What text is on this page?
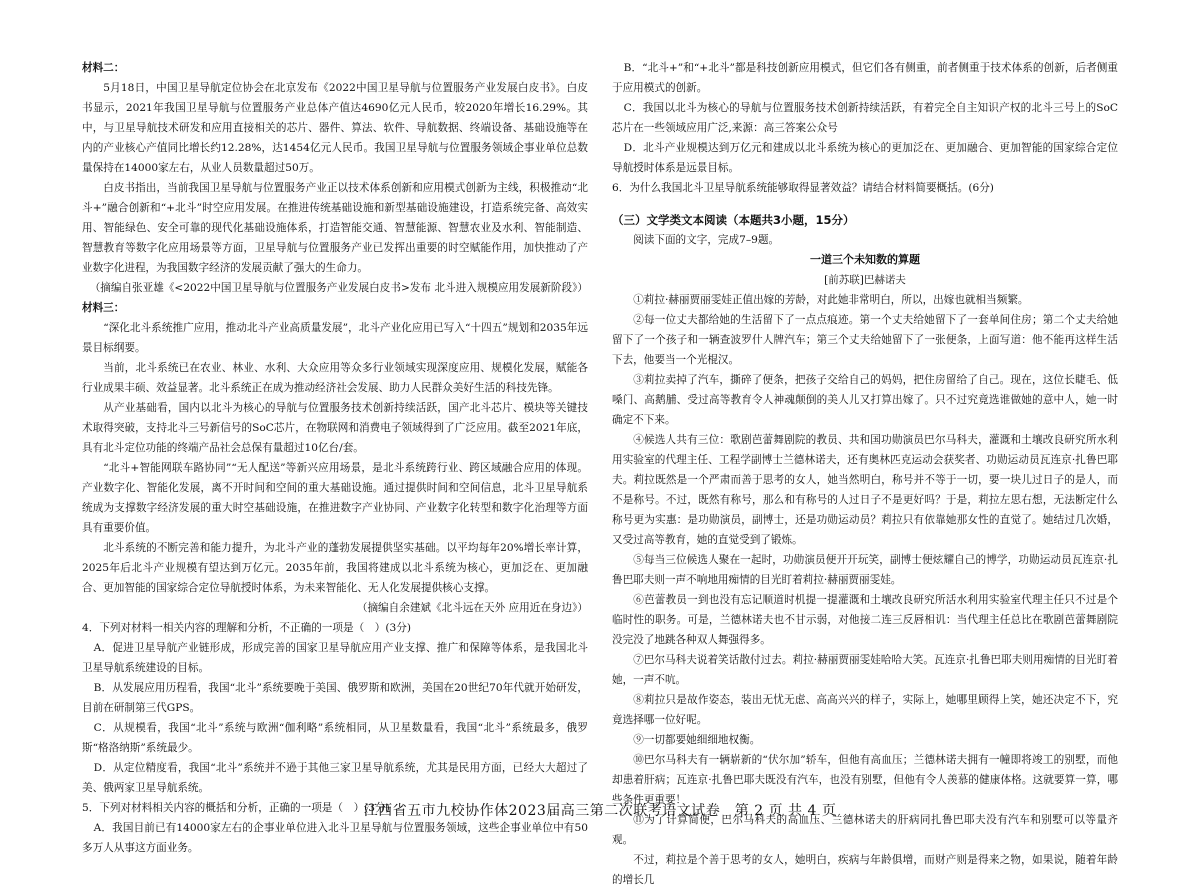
材料二：

5月18日，中国卫星导航定位协会在北京发布《2022中国卫星导航与位置服务产业发展白皮书》。白皮书显示，2021年我国卫星导航与位置服务产业总体产值达4690亿元人民币，较2020年增长16.29%。其中，与卫星导航技术研发和应用直接相关的芯片、器件、算法、软件、导航数据、终端设备、基础设施等在内的产业核心产值同比增长约12.28%，达1454亿元人民币。我国卫星导航与位置服务领域企事业单位总数量保持在14000家左右，从业人员数量超过50万。

白皮书指出，当前我国卫星导航与位置服务产业正以技术体系创新和应用模式创新为主线，积极推动“北斗+”融合创新和“+北斗”时空应用发展。在推进传统基础设施和新型基础设施建设，打造系统完备、高效实用、智能绿色、安全可靠的现代化基础设施体系，打造智能交通、智慧能源、智慧农业及水利、智能制造、智慧教育等数字化应用场景等方面，卫星导航与位置服务产业已发挥出重要的时空赋能作用，加快推动了产业数字化进程，为我国数字经济的发展贡献了强大的生命力。

（摘编自张亚雄《<2022中国卫星导航与位置服务产业发展白皮书>发布 北斗进入规模应用发展新阶段》）

材料三：

“深化北斗系统推广应用，推动北斗产业高质量发展”，北斗产业化应用已写入“十四五”规划和2035年远景目标纲要。

当前，北斗系统已在农业、林业、水利、大众应用等众多行业领域实现深度应用、规模化发展，赋能各行业成果丰硕、效益显著。北斗系统正在成为推动经济社会发展、助力人民群众美好生活的科技先锋。

从产业基础看，国内以北斗为核心的导航与位置服务技术创新持续活跃，国产北斗芯片、模块等关键技术取得突破，支持北斗三号新信号的SoC芯片，在物联网和消费电子领域得到了广泛应用。截至2021年底，具有北斗定位功能的终端产品社会总保有量超过10亿台/套。

“北斗+智能网联车路协同”“无人配送”等新兴应用场景，是北斗系统跨行业、跨区域融合应用的体现。产业数字化、智能化发展，离不开时间和空间的重大基础设施。通过提供时间和空间信息，北斗卫星导航系统成为支撑数字经济发展的重大时空基础设施，在推进数字产业协同、产业数字化转型和数字化治理等方面具有重要价值。

北斗系统的不断完善和能力提升，为北斗产业的蓬勃发展提供坚实基础。以平均每年20%增长率计算，2025年后北斗产业规模有望达到万亿元。2035年前，我国将建成以北斗系统为核心，更加泛在、更加融合、更加智能的国家综合定位导航授时体系，为未来智能化、无人化发展提供核心支撑。

（摘编自余建斌《北斗远在天外 应用近在身边》）

4．下列对材料一相关内容的理解和分析，不正确的一项是（　）(3分)

A．促进卫星导航产业链形成，形成完善的国家卫星导航应用产业支撑、推广和保障等体系，是我国北斗卫星导航系统建设的目标。

B．从发展应用历程看，我国“北斗”系统要晚于美国、俄罗斯和欧洲，美国在20世纪70年代就开始研发，目前在研制第三代GPS。

C．从规模看，我国“北斗”系统与欧洲“伽利略”系统相同，从卫星数量看，我国“北斗”系统最多，俄罗斯“格洛纳斯”系统最少。

D．从定位精度看，我国“北斗”系统并不逊于其他三家卫星导航系统，尤其是民用方面，已经大大超过了美、俄两家卫星导航系统。

5．下列对材料相关内容的概括和分析，正确的一项是（　）(3分)

A．我国目前已有14000家左右的企事业单位进入北斗卫星导航与位置服务领域，这些企事业单位中有50多万人从事这方面业务。

B．“北斗+”和“+北斗”都是科技创新应用模式，但它们各有侧重，前者侧重于技术体系的创新，后者侧重于应用模式的创新。

C．我国以北斗为核心的导航与位置服务技术创新持续活跃，有着完全自主知识产权的北斗三号上的SoC芯片在一些领域应用广泛,来源：高三答案公众号

D．北斗产业规模达到万亿元和建成以北斗系统为核心的更加泛在、更加融合、更加智能的国家综合定位导航授时体系是远景目标。

6．为什么我国北斗卫星导航系统能够取得显著效益？请结合材料简要概括。(6分)

（三）文学类文本阅读（本题共3小题，15分）

阅读下面的文字，完成7–9题。

一道三个未知数的算题

[前苏联]巴赫诺夫

①莉拉·赫丽贾丽雯娃正值出嫁的芳龄，对此她非常明白，所以，出嫁也就相当频繁。

②每一位丈夫都给她的生活留下了一点点痕迹。第一个丈夫给她留下了一套单间住房；第二个丈夫给她留下了一个孩子和一辆查波罗什人牌汽车；第三个丈夫给她留下了一张便条，上面写道：他不能再这样生活下去，他要当一个光棍汉。

③莉拉卖掉了汽车，撕碎了便条，把孩子交给自己的妈妈，把住房留给了自己。现在，这位长睫毛、低嗓门、高鹅脯、受过高等教育令人神魂颠倒的美人儿又打算出嫁了。只不过究竟选谁做她的意中人，她一时确定不下来。

④候选人共有三位：歌剧芭蕾舞剧院的教员、共和国功勋演员巴尔马科夫，灌溉和土壤改良研究所水利用实验室的代理主任、工程学副博士兰德林诺夫，还有奥林匹克运动会获奖者、功勋运动员瓦连京·扎鲁巴耶夫。莉拉既然是一个严肃而善于思考的女人，她当然明白，称号并不等于一切，要一块儿过日子的是人，而不是称号。不过，既然有称号，那么和有称号的人过日子不是更好吗？于是，莉拉左思右想，无法断定什么称号更为实惠：是功勋演员，副博士，还是功勋运动员？莉拉只有依靠她那女性的直觉了。她结过几次婚，又受过高等教育，她的直觉受到了锻炼。

⑤每当三位候选人聚在一起时，功勋演员便开开玩笑，副博士便炫耀自己的博学，功勋运动员瓦连京·扎鲁巴耶夫则一声不响地用痴情的目光盯着莉拉·赫丽贾丽雯娃。

⑥芭蕾教员一到也没有忘记顺道时机提一提灌溉和土壤改良研究所活水利用实验室代理主任只不过是个临时性的职务。可是，兰德林诺夫也不甘示弱，对他接二连三反唇相讥：当代理主任总比在歌剧芭蕾舞剧院没完没了地跳各种双人舞强得多。

⑦巴尔马科夫说着笑话散付过去。莉拉·赫丽贾丽雯娃哈哈大笑。瓦连京·扎鲁巴耶夫则用痴情的目光盯着她，一声不吭。

⑧莉拉只是故作姿态，装出无忧无虑、高高兴兴的样子，实际上，她哪里顾得上笑，她还决定不下，究竟选择哪一位好呢。

⑨一切都要她细细地权衡。

⑩巴尔马科夫有一辆崭新的“伏尔加”轿车，但他有高血压；兰德林诺夫拥有一幢即将竣工的别墅，而他却患着肝病；瓦连京·扎鲁巴耶夫既没有汽车，也没有别墅，但他有令人羡慕的健康体格。这就要算一算，哪些条件更重要！

⑪为了计算简便，巴尔马科夫的高血压、兰德林诺夫的肝病同扎鲁巴耶夫没有汽车和别墅可以等量齐观。

不过，莉拉是个善于思考的女人，她明白，疾病与年龄俱增，而财产则是得来之物，如果说，随着年龄的增长几

江西省五市九校协作体2023届高三第二次联考语文试卷　第 2 页 共 4 页
